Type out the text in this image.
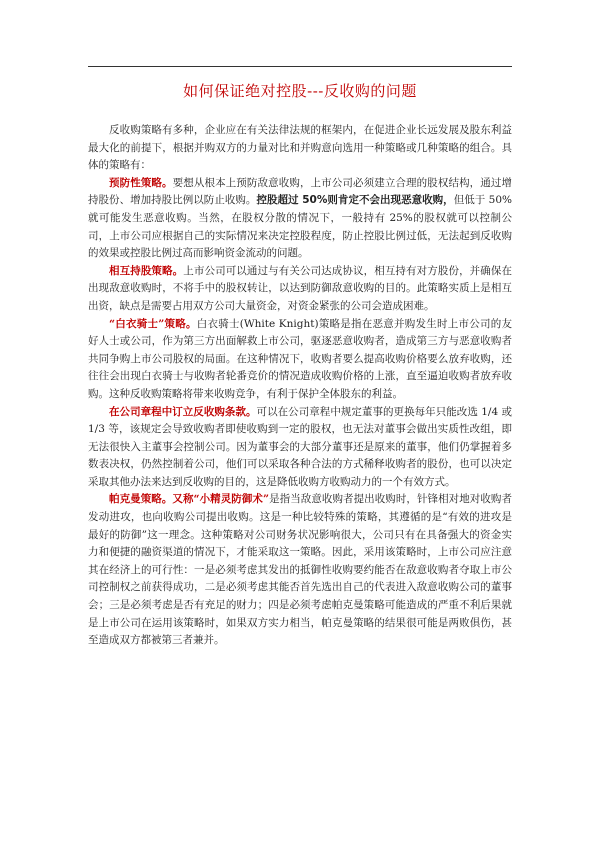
如何保证绝对控股---反收购的问题

反收购策略有多种，企业应在有关法律法规的框架内，在促进企业长远发展及股东利益最大化的前提下，根据并购双方的力量对比和并购意向选用一种策略或几种策略的组合。具体的策略有：

预防性策略。要想从根本上预防敌意收购，上市公司必须建立合理的股权结构，通过增持股份、增加持股比例以防止收购。控股超过 50%则肯定不会出现恶意收购，但低于 50%就可能发生恶意收购。当然，在股权分散的情况下，一般持有 25%的股权就可以控制公司，上市公司应根据自己的实际情况来决定控股程度，防止控股比例过低，无法起到反收购的效果或控股比例过高而影响资金流动的问题。

相互持股策略。上市公司可以通过与有关公司达成协议，相互持有对方股份，并确保在出现敌意收购时，不将手中的股权转让，以达到防御敌意收购的目的。此策略实质上是相互出资，缺点是需要占用双方公司大量资金，对资金紧张的公司会造成困难。

“白衣骑士”策略。白衣骑士(White Knight)策略是指在恶意并购发生时上市公司的友好人士或公司，作为第三方出面解救上市公司，驱逐恶意收购者，造成第三方与恶意收购者共同争购上市公司股权的局面。在这种情况下，收购者要么提高收购价格要么放弃收购，还往往会出现白衣骑士与收购者轮番竞价的情况造成收购价格的上涨，直至逼迫收购者放弃收购。这种反收购策略将带来收购竞争，有利于保护全体股东的利益。

在公司章程中订立反收购条款。可以在公司章程中规定董事的更换每年只能改选 1/4 或 1/3 等，该规定会导致收购者即使收购到一定的股权，也无法对董事会做出实质性改组，即无法很快入主董事会控制公司。因为董事会的大部分董事还是原来的董事，他们仍掌握着多数表决权，仍然控制着公司，他们可以采取各种合法的方式稀释收购者的股份，也可以决定采取其他办法来达到反收购的目的，这是降低收购方收购动力的一个有效方式。

帕克曼策略。又称“小精灵防御术”是指当敌意收购者提出收购时，针锋相对地对收购者发动进攻，也向收购公司提出收购。这是一种比较特殊的策略，其遵循的是“有效的进攻是最好的防御”这一理念。这种策略对公司财务状况影响很大，公司只有在具备强大的资金实力和便捷的融资渠道的情况下，才能采取这一策略。因此，采用该策略时，上市公司应注意其在经济上的可行性：一是必须考虑其发出的抵御性收购要约能否在敌意收购者夺取上市公司控制权之前获得成功，二是必须考虑其能否首先选出自己的代表进入敌意收购公司的董事会；三是必须考虑是否有充足的财力；四是必须考虑帕克曼策略可能造成的严重不利后果就是上市公司在运用该策略时，如果双方实力相当，帕克曼策略的结果很可能是两败俱伤，甚至造成双方都被第三者兼并。
